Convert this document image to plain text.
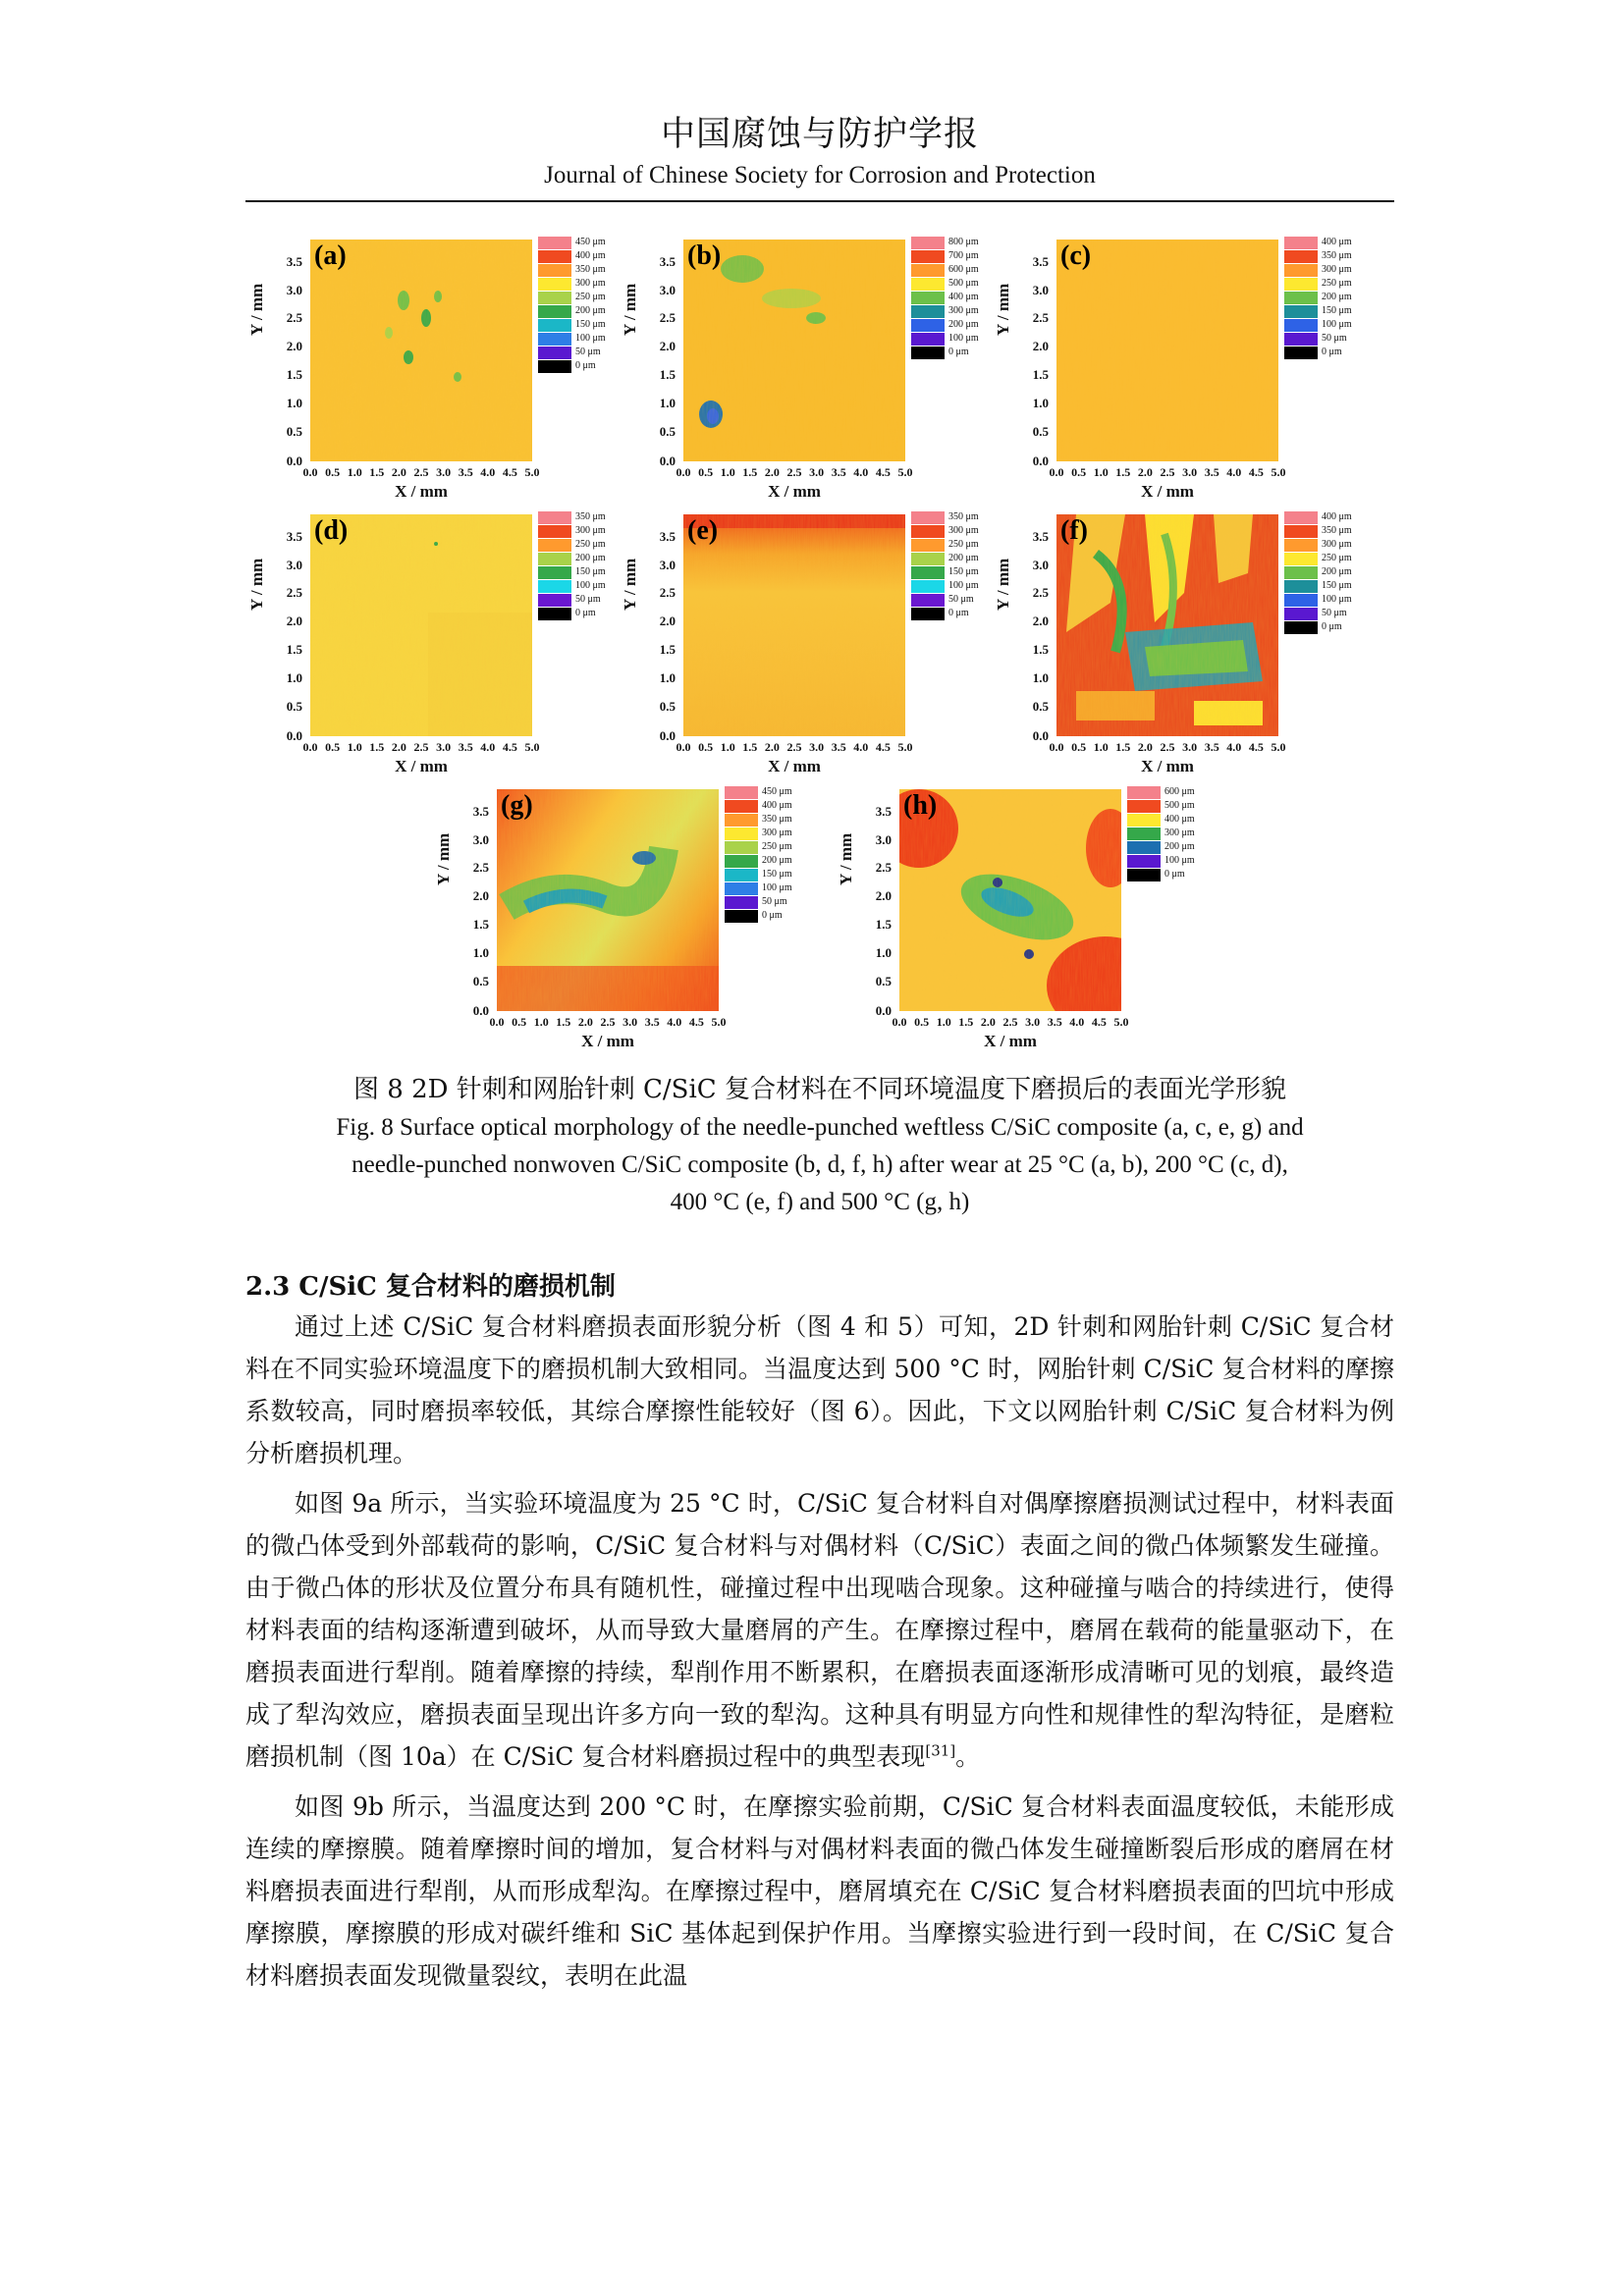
中国腐蚀与防护学报
Journal of Chinese Society for Corrosion and Protection
(a)
3.5
3.0
2.5
2.0
1.5
1.0
0.5
0.0
0.0 0.5 1.0 1.5 2.0 2.5 3.0 3.5 4.0 4.5 5.0
Y / mm
X / mm
450 μm
400 μm
350 μm
300 μm
250 μm
200 μm
150 μm
100 μm
50 μm
0 μm
(b)
3.5
3.0
2.5
2.0
1.5
1.0
0.5
0.0
0.0 0.5 1.0 1.5 2.0 2.5 3.0 3.5 4.0 4.5 5.0
Y / mm
X / mm
800 μm
700 μm
600 μm
500 μm
400 μm
300 μm
200 μm
100 μm
0 μm
(c)
3.5
3.0
2.5
2.0
1.5
1.0
0.5
0.0
0.0 0.5 1.0 1.5 2.0 2.5 3.0 3.5 4.0 4.5 5.0
Y / mm
X / mm
400 μm
350 μm
300 μm
250 μm
200 μm
150 μm
100 μm
50 μm
0 μm
(d)
3.5
3.0
2.5
2.0
1.5
1.0
0.5
0.0
0.0 0.5 1.0 1.5 2.0 2.5 3.0 3.5 4.0 4.5 5.0
Y / mm
X / mm
350 μm
300 μm
250 μm
200 μm
150 μm
100 μm
50 μm
0 μm
(e)
3.5
3.0
2.5
2.0
1.5
1.0
0.5
0.0
0.0 0.5 1.0 1.5 2.0 2.5 3.0 3.5 4.0 4.5 5.0
Y / mm
X / mm
350 μm
300 μm
250 μm
200 μm
150 μm
100 μm
50 μm
0 μm
(f)
3.5
3.0
2.5
2.0
1.5
1.0
0.5
0.0
0.0 0.5 1.0 1.5 2.0 2.5 3.0 3.5 4.0 4.5 5.0
Y / mm
X / mm
400 μm
350 μm
300 μm
250 μm
200 μm
150 μm
100 μm
50 μm
0 μm
(g)
3.5
3.0
2.5
2.0
1.5
1.0
0.5
0.0
0.0 0.5 1.0 1.5 2.0 2.5 3.0 3.5 4.0 4.5 5.0
Y / mm
X / mm
450 μm
400 μm
350 μm
300 μm
250 μm
200 μm
150 μm
100 μm
50 μm
0 μm
(h)
3.5
3.0
2.5
2.0
1.5
1.0
0.5
0.0
0.0 0.5 1.0 1.5 2.0 2.5 3.0 3.5 4.0 4.5 5.0
Y / mm
X / mm
600 μm
500 μm
400 μm
300 μm
200 μm
100 μm
0 μm
图 8 2D 针刺和网胎针刺 C/SiC 复合材料在不同环境温度下磨损后的表面光学形貌
Fig. 8 Surface optical morphology of the needle-punched weftless C/SiC composite (a, c, e, g) and
needle-punched nonwoven C/SiC composite (b, d, f, h) after wear at 25 °C (a, b), 200 °C (c, d),
400 °C (e, f) and 500 °C (g, h)
2.3 C/SiC 复合材料的磨损机制

通过上述 C/SiC 复合材料磨损表面形貌分析（图 4 和 5）可知，2D 针刺和网胎针刺 C/SiC 复合材料在不同实验环境温度下的磨损机制大致相同。当温度达到 500 °C 时，网胎针刺 C/SiC 复合材料的摩擦系数较高，同时磨损率较低，其综合摩擦性能较好（图 6）。因此，下文以网胎针刺 C/SiC 复合材料为例分析磨损机理。

如图 9a 所示，当实验环境温度为 25 °C 时，C/SiC 复合材料自对偶摩擦磨损测试过程中，材料表面的微凸体受到外部载荷的影响，C/SiC 复合材料与对偶材料（C/SiC）表面之间的微凸体频繁发生碰撞。由于微凸体的形状及位置分布具有随机性，碰撞过程中出现啮合现象。这种碰撞与啮合的持续进行，使得材料表面的结构逐渐遭到破坏，从而导致大量磨屑的产生。在摩擦过程中，磨屑在载荷的能量驱动下，在磨损表面进行犁削。随着摩擦的持续，犁削作用不断累积，在磨损表面逐渐形成清晰可见的划痕，最终造成了犁沟效应，磨损表面呈现出许多方向一致的犁沟。这种具有明显方向性和规律性的犁沟特征，是磨粒磨损机制（图 10a）在 C/SiC 复合材料磨损过程中的典型表现[31]。

如图 9b 所示，当温度达到 200 °C 时，在摩擦实验前期，C/SiC 复合材料表面温度较低，未能形成连续的摩擦膜。随着摩擦时间的增加，复合材料与对偶材料表面的微凸体发生碰撞断裂后形成的磨屑在材料磨损表面进行犁削，从而形成犁沟。在摩擦过程中，磨屑填充在 C/SiC 复合材料磨损表面的凹坑中形成摩擦膜，摩擦膜的形成对碳纤维和 SiC 基体起到保护作用。当摩擦实验进行到一段时间，在 C/SiC 复合材料磨损表面发现微量裂纹，表明在此温
